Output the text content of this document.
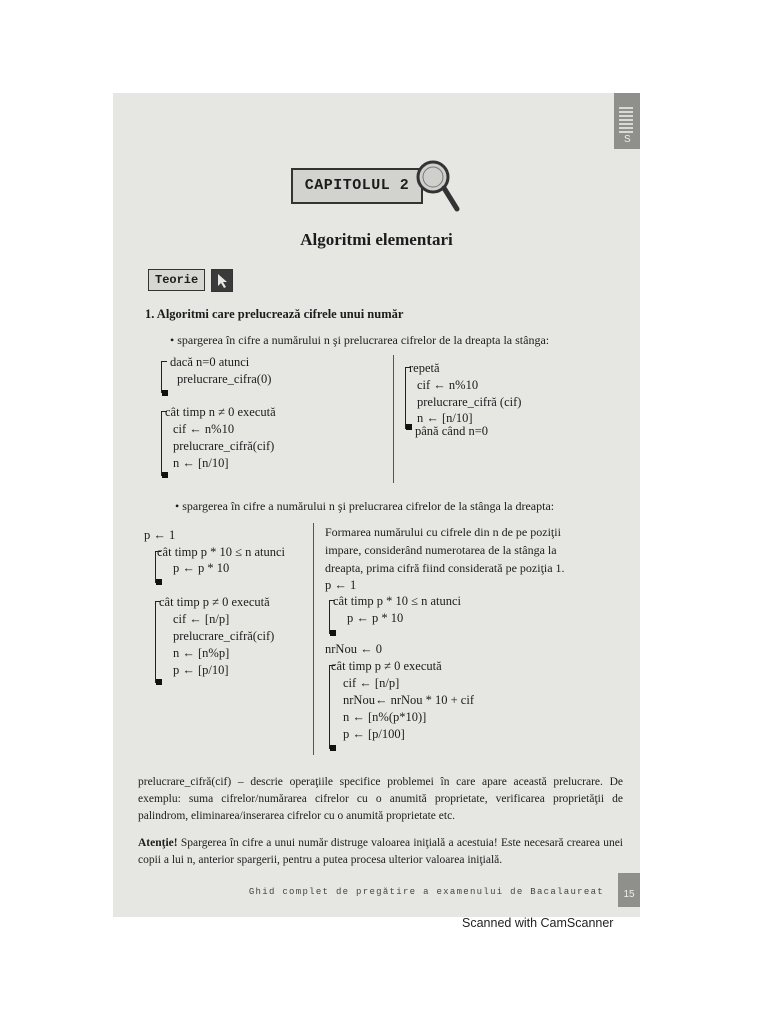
S
CAPITOLUL 2
Algoritmi elementari
Teorie
1. Algoritmi care prelucrează cifrele unui număr
• spargerea în cifre a numărului n şi prelucrarea cifrelor de la dreapta la stânga:
dacă n=0 atunci
prelucrare_cifra(0)
cât timp n ≠ 0 execută
cif ← n%10
prelucrare_cifră(cif)
n ← [n/10]
repetă
cif ← n%10
prelucrare_cifră (cif)
n ← [n/10]
până când n=0
• spargerea în cifre a numărului n şi prelucrarea cifrelor de la stânga la dreapta:
p ← 1
cât timp p * 10 ≤ n atunci
p ← p * 10
cât timp p ≠ 0 execută
cif ← [n/p]
prelucrare_cifră(cif)
n ← [n%p]
p ← [p/10]
Formarea numărului cu cifrele din n de pe poziţii
impare, considerând numerotarea de la stânga la
dreapta, prima cifră fiind considerată pe poziţia 1.
p ← 1
cât timp p * 10 ≤ n atunci
p ← p * 10
nrNou ← 0
cât timp p ≠ 0 execută
cif ← [n/p]
nrNou← nrNou * 10 + cif
n ← [n%(p*10)]
p ← [p/100]
prelucrare_cifră(cif) – descrie operaţiile specifice problemei în care apare această prelucrare. De exemplu: suma cifrelor/numărarea cifrelor cu o anumită proprietate, verificarea proprietăţii de palindrom, eliminarea/inserarea cifrelor cu o anumită proprietate etc.
Atenţie! Spargerea în cifre a unui număr distruge valoarea iniţială a acestuia! Este necesară crearea unei copii a lui n, anterior spargerii, pentru a putea procesa ulterior valoarea iniţială.
Ghid complet de pregătire a examenului de Bacalaureat	15
Scanned with CamScanner
